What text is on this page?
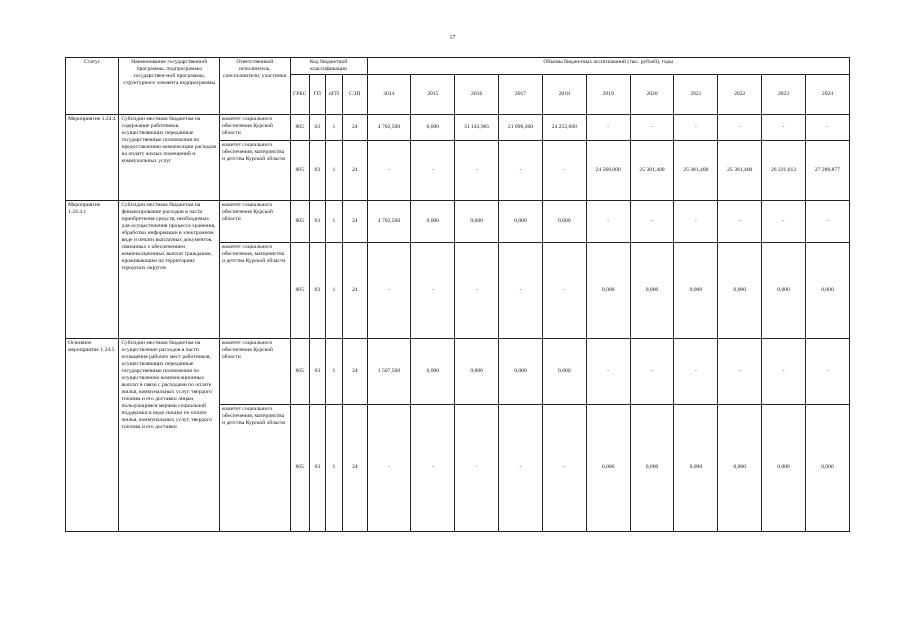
17
Статус	Наименование государственной программы, подпрограммы государствен-ной программы, структурного элемента подпрограммы	Ответственный исполнитель, соисполнители, участники	Код бюджетной классификации				Объемы бюджетных ассигнований (тыс. рублей), годы										
			ГРБС	ГП	пГП	СЭП	2014	2015	2016	2017	2018	2019	2020	2021	2022	2023	2024
Мероприятие 1.24.4	Субсидии местным бюджетам на содержание работников, осуществляющих переданные государственные полномочия по предоставлению компенсации расходов на оплату жилых помещений и коммунальных услуг	комитет социального обеспечения Курской области	805	03	1	24	4 702,500	0,000	31 143,965	21 090,300	24 252,600	-	-	-	-	-	-
		комитет социального обеспечения, материнства и детства Курской области	805	03	1	24	-	-	-	-	-	24 568,000	25 381,400	25 381,400	25 381,400	26 231,612	27 280,877
Мероприятие 1.24.4.1	Субсидии местным бюджетам на финансирование расходов в части приобретения средств, необходимых для осуществления процесса хранения, обработки информации в электронном виде и печати выплатных документов, связанных с обеспечением компенсационных выплат гражданам, проживающим на территориях городских округов	комитет социального обеспечения Курской области	805	03	1	24	4 702,500	0,000	0,000	0,000	0,000	-	-	-	-	-	-
		комитет социального обеспечения, материнства и детства Курской области	805	03	1	24	-	-	-	-	-	0,000	0,000	0,000	0,000	0,000	0,000
Основное мероприятие 1.24.5	Субсидии местным бюджетам на осуществление расходов в части оснащения рабочих мест работников, осуществляющих переданные государственные полномочия по осуществлению компенсационных выплат в связи с расходами по оплате жилья, коммунальных услуг, твердого топлива и его доставки лицам, пользующимся мерами социальной поддержки в виде скидки по оплате жилья, коммунальных услуг, твердого топлива и его доставки	комитет социального обеспечения Курской области	805	03	1	24	1 507,500	0,000	0,000	0,000	0,000	-	-	-	-	-	-
		комитет социального обеспечения, материнства и детства Курской области	805	03	1	24	-	-	-	-	-	0,000	0,000	0,000	0,000	0,000	0,000
